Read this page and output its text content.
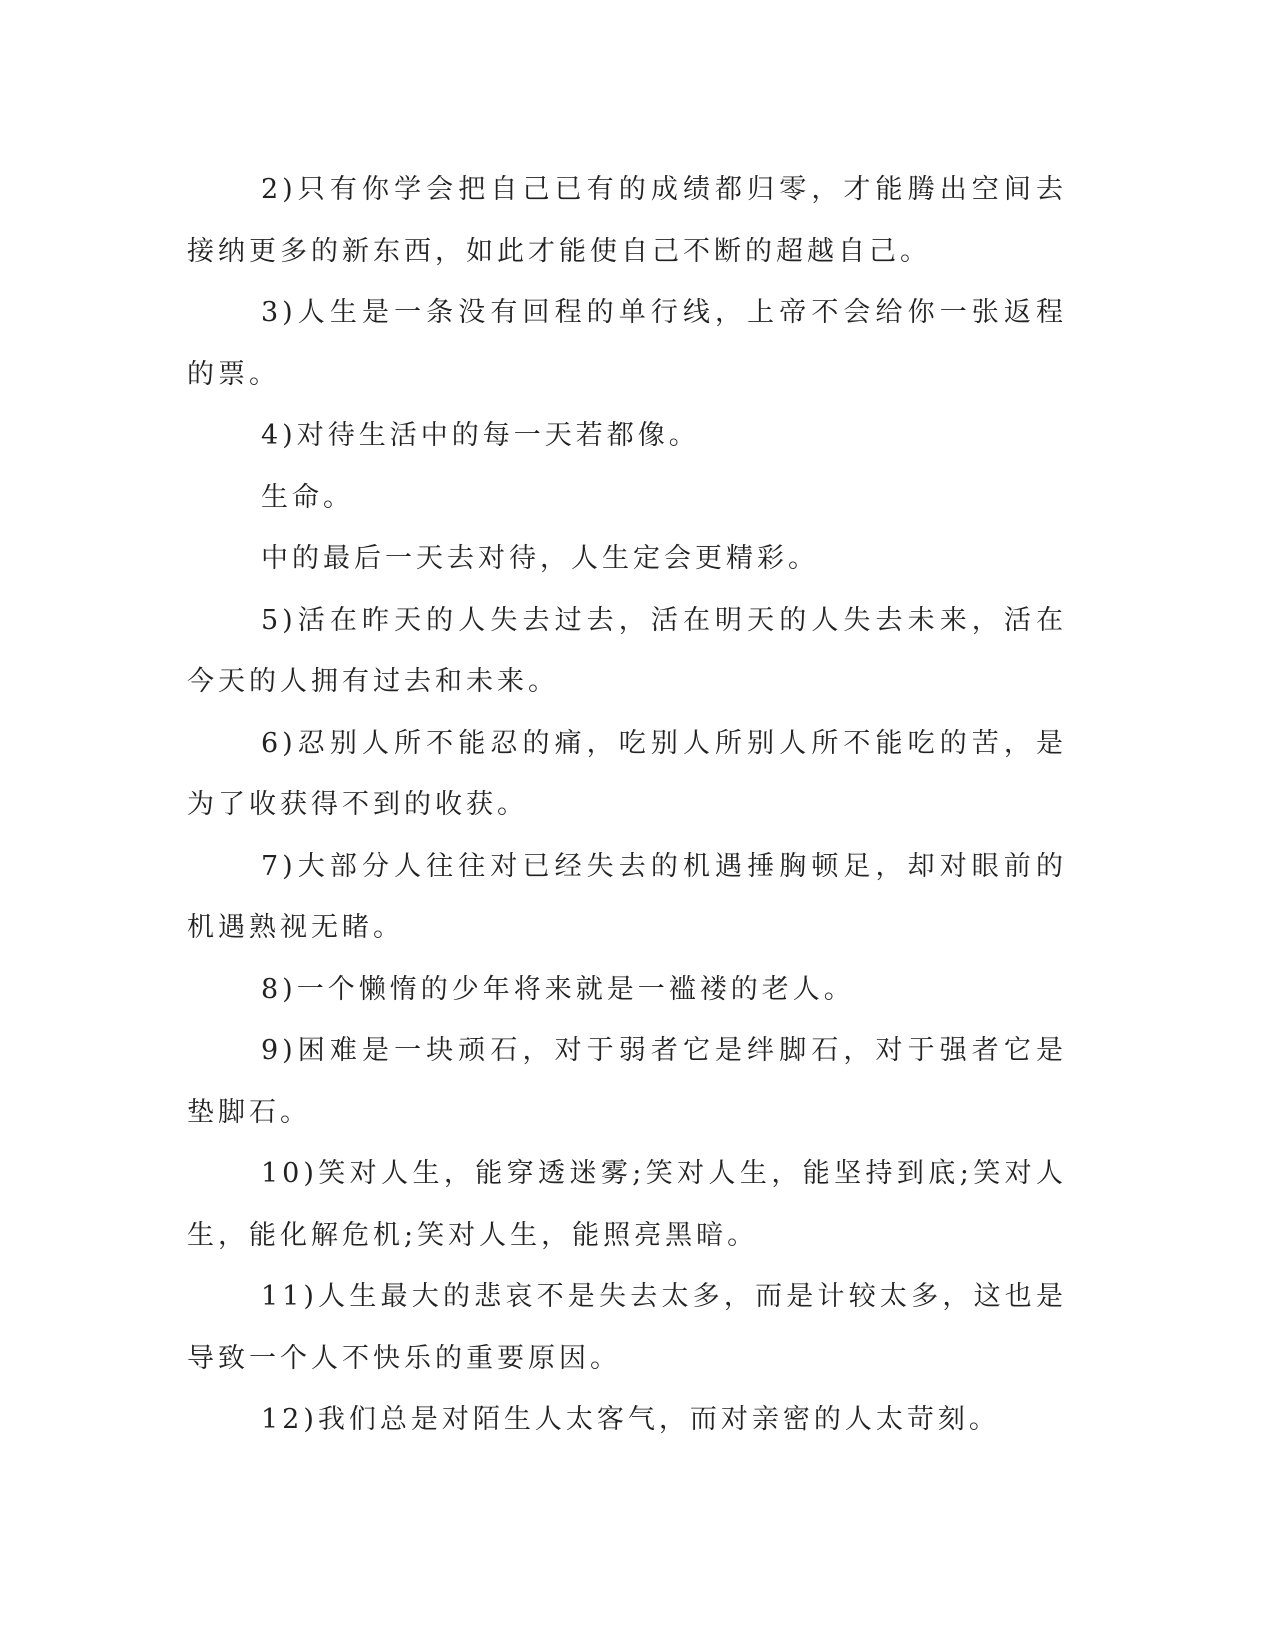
2)只有你学会把自己已有的成绩都归零，才能腾出空间去接纳更多的新东西，如此才能使自己不断的超越自己。

3)人生是一条没有回程的单行线，上帝不会给你一张返程的票。

4)对待生活中的每一天若都像。

生命。

中的最后一天去对待，人生定会更精彩。

5)活在昨天的人失去过去，活在明天的人失去未来，活在今天的人拥有过去和未来。

6)忍别人所不能忍的痛，吃别人所别人所不能吃的苦，是为了收获得不到的收获。

7)大部分人往往对已经失去的机遇捶胸顿足，却对眼前的机遇熟视无睹。

8)一个懒惰的少年将来就是一褴褛的老人。

9)困难是一块顽石，对于弱者它是绊脚石，对于强者它是垫脚石。

10)笑对人生，能穿透迷雾;笑对人生，能坚持到底;笑对人生，能化解危机;笑对人生，能照亮黑暗。

11)人生最大的悲哀不是失去太多，而是计较太多，这也是导致一个人不快乐的重要原因。

12)我们总是对陌生人太客气，而对亲密的人太苛刻。
